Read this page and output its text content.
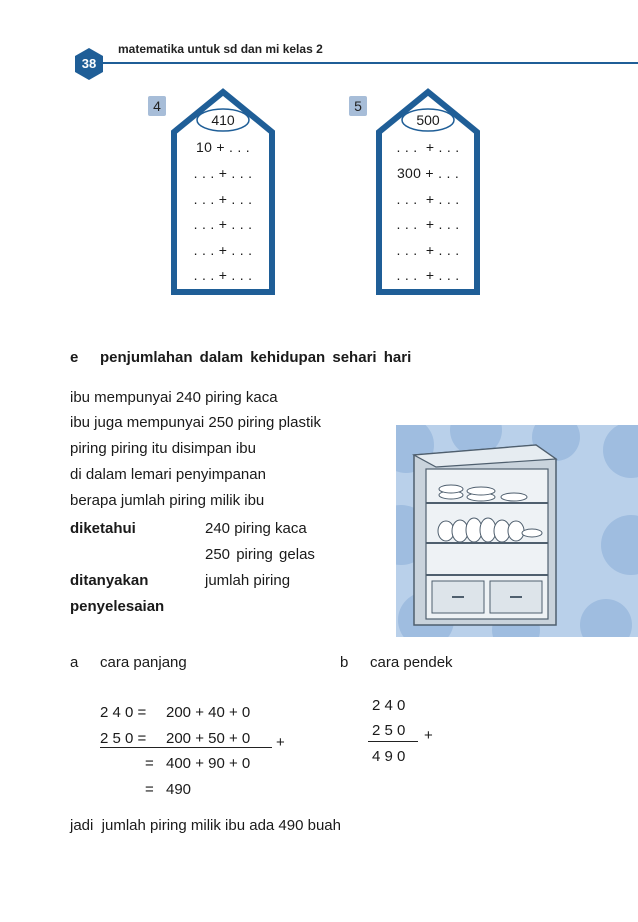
38
matematika untuk sd dan mi kelas 2
4
410
10 + . . .
. . . + . . .
. . . + . . .
. . . + . . .
. . . + . . .
. . . + . . .
5
500
. . .  + . . .
300 + . . .
. . .  + . . .
. . .  + . . .
. . .  + . . .
. . .  + . . .
e penjumlahan dalam kehidupan sehari hari
ibu mempunyai 240 piring kaca
ibu juga mempunyai 250 piring plastik
piring piring itu disimpan ibu
di dalam lemari penyimpanan
berapa jumlah piring milik ibu
diketahui	240 piring kaca
250 piring gelas
ditanyakan	jumlah piring
penyelesaian
a cara panjang
2 4 0 = 200 + 40 + 0
2 5 0 = 200 + 50 + 0 +
= 400 + 90 + 0
= 490
b cara pendek
2 4 0
2 5 0 +
4 9 0
jadi  jumlah piring milik ibu ada 490 buah
